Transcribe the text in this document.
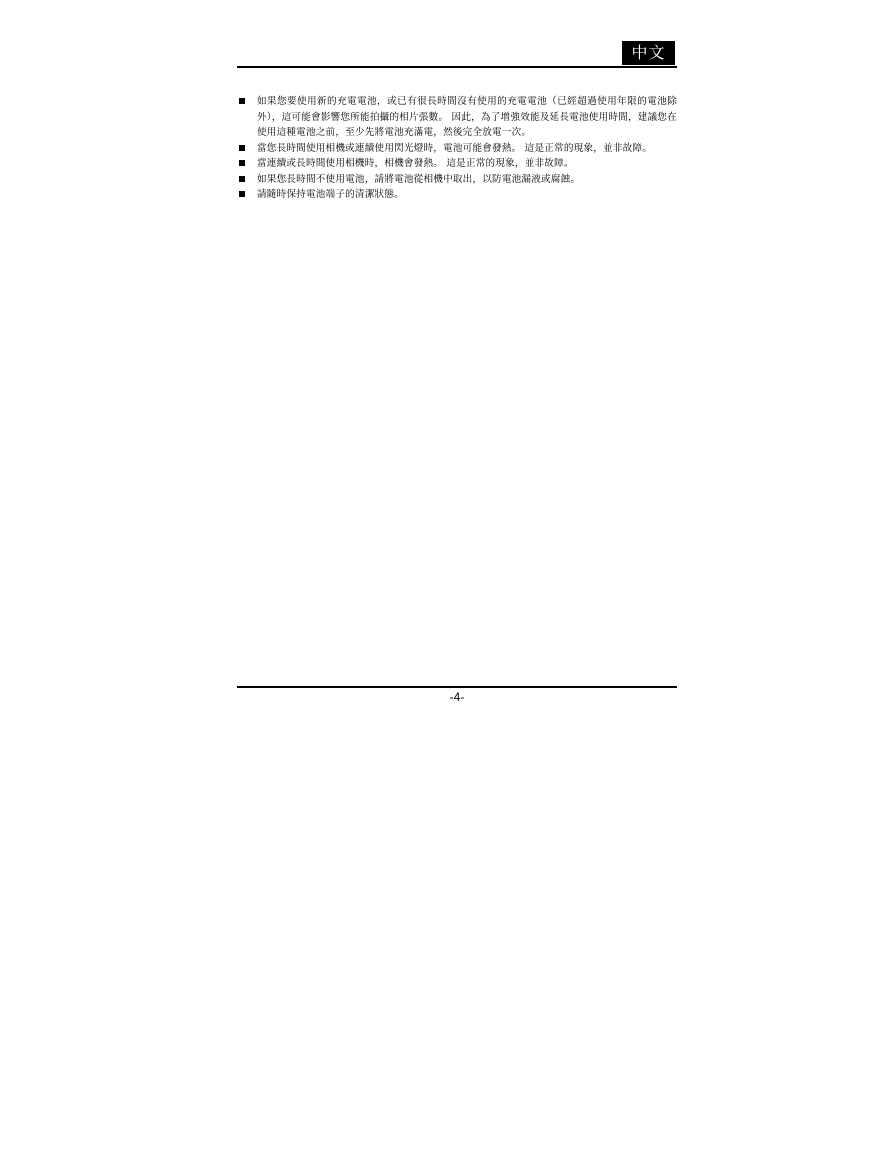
中文
如果您要使用新的充電電池，或已有很長時間沒有使用的充電電池（已經超過使用年限的電池除外），這可能會影響您所能拍攝的相片張數。 因此，為了增強效能及延長電池使用時間，建議您在使用這種電池之前，至少先將電池充滿電，然後完全放電一次。
當您長時間使用相機或連續使用閃光燈時，電池可能會發熱。 這是正常的現象，並非故障。
當連續或長時間使用相機時，相機會發熱。 這是正常的現象，並非故障。
如果您長時間不使用電池，請將電池從相機中取出，以防電池漏液或腐蝕。
請隨時保持電池端子的清潔狀態。
-4-
